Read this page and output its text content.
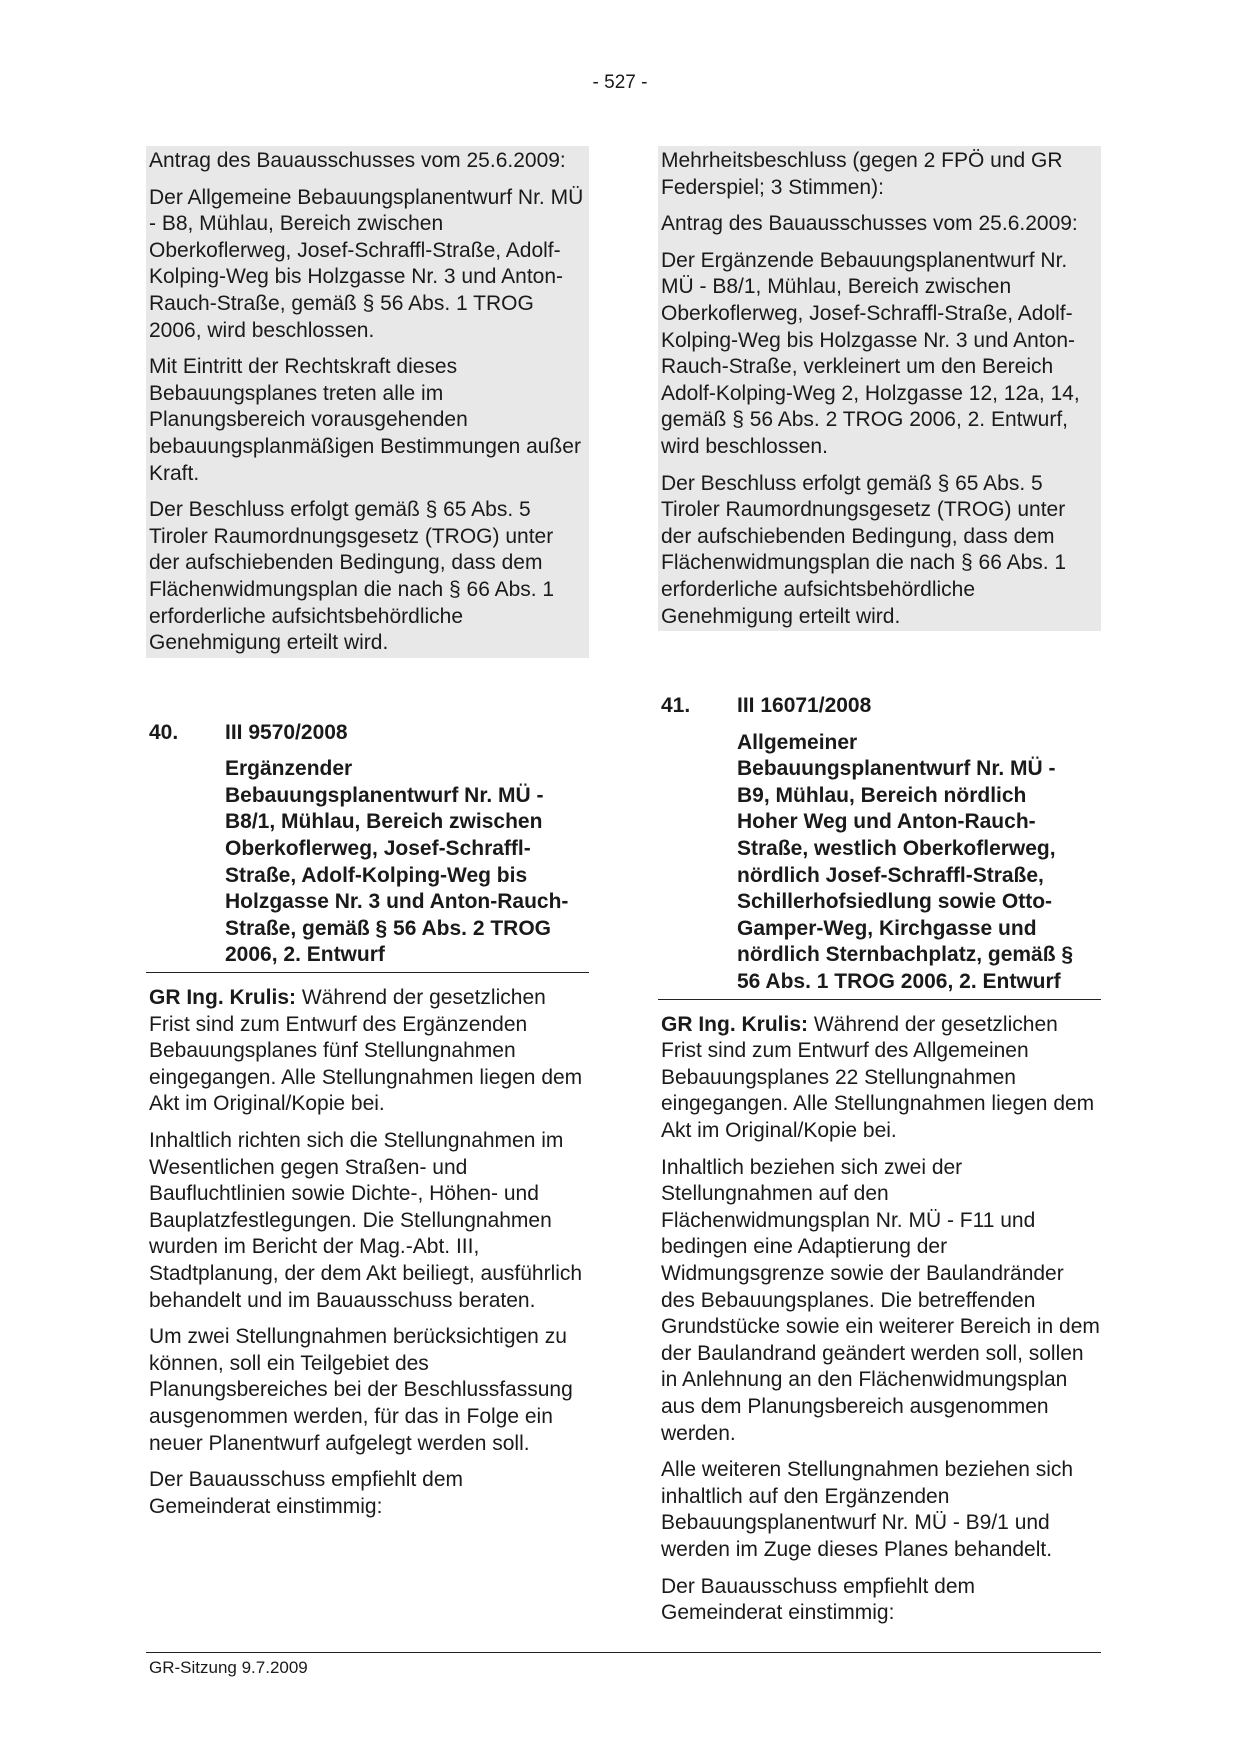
- 527 -

Antrag des Bauausschusses vom 25.6.2009:

Der Allgemeine Bebauungsplanentwurf Nr. MÜ - B8, Mühlau, Bereich zwischen Oberkoflerweg, Josef-Schraffl-Straße, Adolf-Kolping-Weg bis Holzgasse Nr. 3 und Anton-Rauch-Straße, gemäß § 56 Abs. 1 TROG 2006, wird beschlossen.

Mit Eintritt der Rechtskraft dieses Bebauungsplanes treten alle im Planungsbereich vorausgehenden bebauungsplanmäßigen Bestimmungen außer Kraft.

Der Beschluss erfolgt gemäß § 65 Abs. 5 Tiroler Raumordnungsgesetz (TROG) unter der aufschiebenden Bedingung, dass dem Flächenwidmungsplan die nach § 66 Abs. 1 erforderliche aufsichtsbehördliche Genehmigung erteilt wird.

40.	III 9570/2008
Ergänzender Bebauungsplanentwurf Nr. MÜ - B8/1, Mühlau, Bereich zwischen Oberkoflerweg, Josef-Schraffl-Straße, Adolf-Kolping-Weg bis Holzgasse Nr. 3 und Anton-Rauch-Straße, gemäß § 56 Abs. 2 TROG 2006, 2. Entwurf

GR Ing. Krulis: Während der gesetzlichen Frist sind zum Entwurf des Ergänzenden Bebauungsplanes fünf Stellungnahmen eingegangen. Alle Stellungnahmen liegen dem Akt im Original/Kopie bei.

Inhaltlich richten sich die Stellungnahmen im Wesentlichen gegen Straßen- und Baufluchtlinien sowie Dichte-, Höhen- und Bauplatzfestlegungen. Die Stellungnahmen wurden im Bericht der Mag.-Abt. III, Stadtplanung, der dem Akt beiliegt, ausführlich behandelt und im Bauausschuss beraten.

Um zwei Stellungnahmen berücksichtigen zu können, soll ein Teilgebiet des Planungsbereiches bei der Beschlussfassung ausgenommen werden, für das in Folge ein neuer Planentwurf aufgelegt werden soll.

Der Bauausschuss empfiehlt dem Gemeinderat einstimmig:

Mehrheitsbeschluss (gegen 2 FPÖ und GR Federspiel; 3 Stimmen):

Antrag des Bauausschusses vom 25.6.2009:

Der Ergänzende Bebauungsplanentwurf Nr. MÜ - B8/1, Mühlau, Bereich zwischen Oberkoflerweg, Josef-Schraffl-Straße, Adolf-Kolping-Weg bis Holzgasse Nr. 3 und Anton-Rauch-Straße, verkleinert um den Bereich Adolf-Kolping-Weg 2, Holzgasse 12, 12a, 14, gemäß § 56 Abs. 2 TROG 2006, 2. Entwurf, wird beschlossen.

Der Beschluss erfolgt gemäß § 65 Abs. 5 Tiroler Raumordnungsgesetz (TROG) unter der aufschiebenden Bedingung, dass dem Flächenwidmungsplan die nach § 66 Abs. 1 erforderliche aufsichtsbehördliche Genehmigung erteilt wird.

41.	III 16071/2008
Allgemeiner Bebauungsplanentwurf Nr. MÜ - B9, Mühlau, Bereich nördlich Hoher Weg und Anton-Rauch-Straße, westlich Oberkoflerweg, nördlich Josef-Schraffl-Straße, Schillerhofsiedlung sowie Otto-Gamper-Weg, Kirchgasse und nördlich Sternbachplatz, gemäß § 56 Abs. 1 TROG 2006, 2. Entwurf

GR Ing. Krulis: Während der gesetzlichen Frist sind zum Entwurf des Allgemeinen Bebauungsplanes 22 Stellungnahmen eingegangen. Alle Stellungnahmen liegen dem Akt im Original/Kopie bei.

Inhaltlich beziehen sich zwei der Stellungnahmen auf den Flächenwidmungsplan Nr. MÜ - F11 und bedingen eine Adaptierung der Widmungsgrenze sowie der Baulandränder des Bebauungsplanes. Die betreffenden Grundstücke sowie ein weiterer Bereich in dem der Baulandrand geändert werden soll, sollen in Anlehnung an den Flächenwidmungsplan aus dem Planungsbereich ausgenommen werden.

Alle weiteren Stellungnahmen beziehen sich inhaltlich auf den Ergänzenden Bebauungsplanentwurf Nr. MÜ - B9/1 und werden im Zuge dieses Planes behandelt.

Der Bauausschuss empfiehlt dem Gemeinderat einstimmig:

GR-Sitzung 9.7.2009
